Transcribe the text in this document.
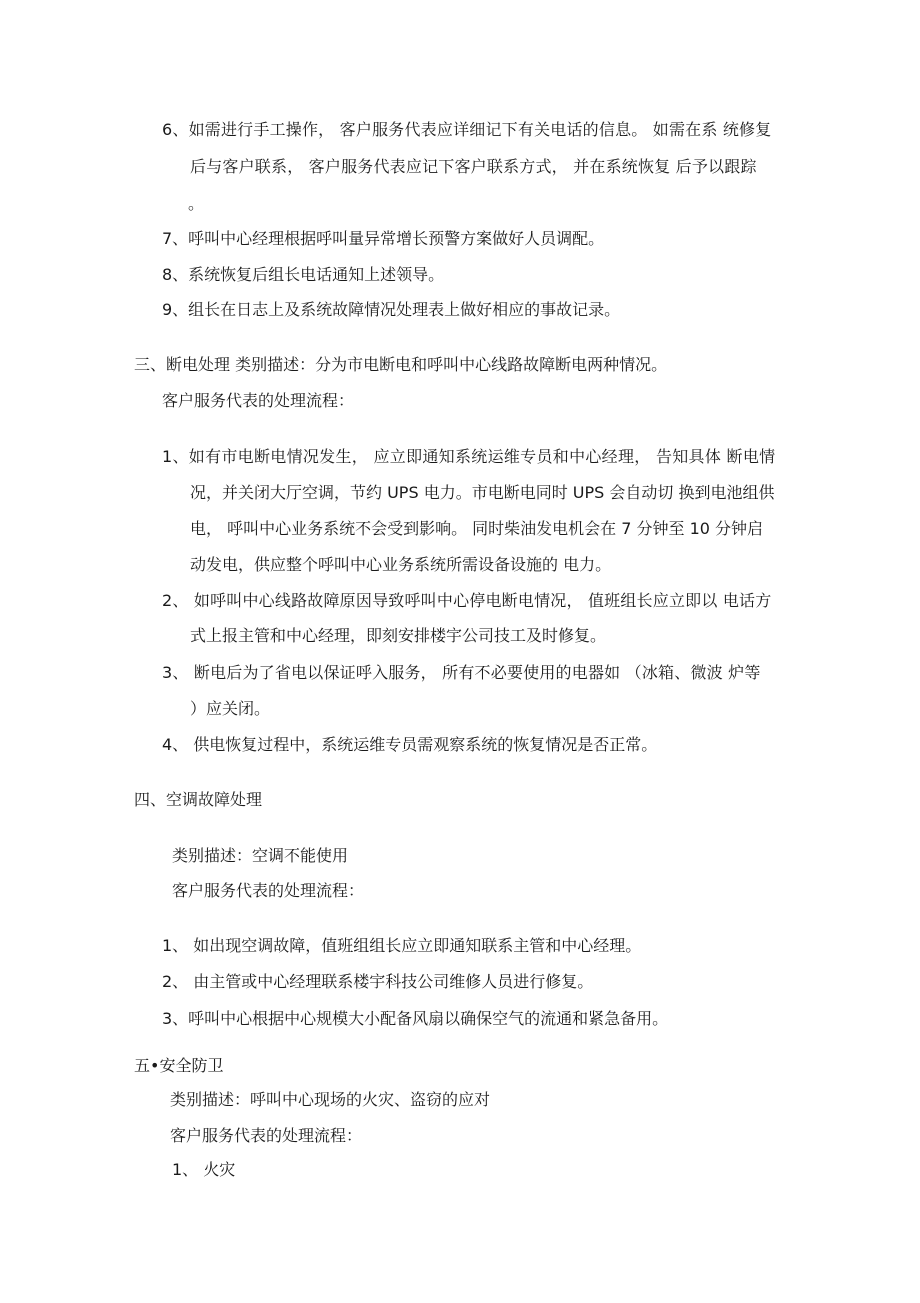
6、如需进行手工操作， 客户服务代表应详细记下有关电话的信息。 如需在系 统修复
后与客户联系， 客户服务代表应记下客户联系方式， 并在系统恢复 后予以跟踪
。
7、呼叫中心经理根据呼叫量异常增长预警方案做好人员调配。
8、系统恢复后组长电话通知上述领导。
9、组长在日志上及系统故障情况处理表上做好相应的事故记录。
三、断电处理 类别描述：分为市电断电和呼叫中心线路故障断电两种情况。
客户服务代表的处理流程：
1、如有市电断电情况发生， 应立即通知系统运维专员和中心经理， 告知具体 断电情
况，并关闭大厅空调，节约 UPS 电力。市电断电同时 UPS 会自动切 换到电池组供
电， 呼叫中心业务系统不会受到影响。 同时柴油发电机会在 7 分钟至 10 分钟启
动发电，供应整个呼叫中心业务系统所需设备设施的 电力。
2、 如呼叫中心线路故障原因导致呼叫中心停电断电情况， 值班组长应立即以 电话方
式上报主管和中心经理，即刻安排楼宇公司技工及时修复。
3、 断电后为了省电以保证呼入服务， 所有不必要使用的电器如 （冰箱、微波 炉等
）应关闭。
4、 供电恢复过程中，系统运维专员需观察系统的恢复情况是否正常。
四、空调故障处理
类别描述：空调不能使用
客户服务代表的处理流程：
1、 如出现空调故障，值班组组长应立即通知联系主管和中心经理。
2、 由主管或中心经理联系楼宇科技公司维修人员进行修复。
3、呼叫中心根据中心规模大小配备风扇以确保空气的流通和紧急备用。
五•安全防卫
类别描述：呼叫中心现场的火灾、盗窃的应对
客户服务代表的处理流程：
1、 火灾
